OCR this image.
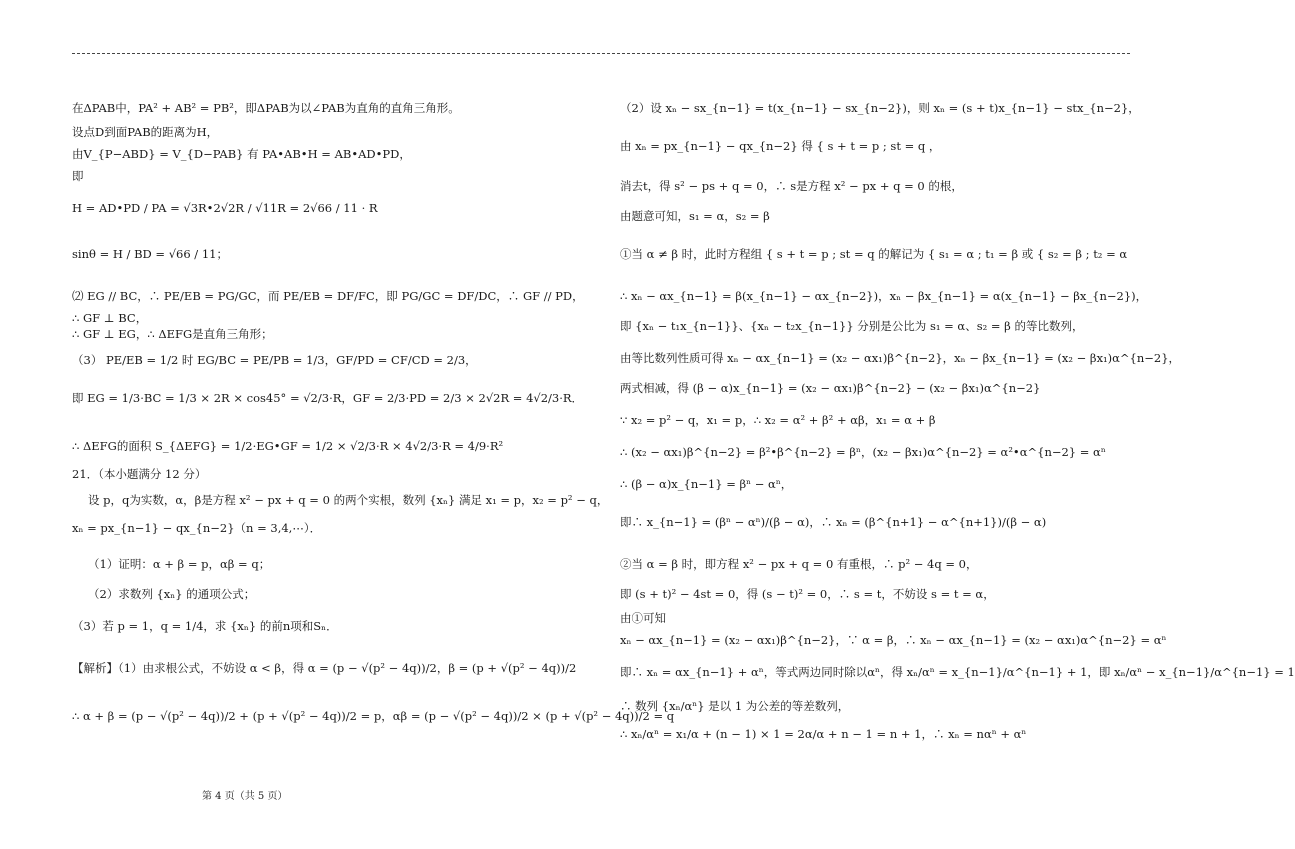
在ΔPAB中，PA² + AB² = PB²，即ΔPAB为以∠PAB为直角的直角三角形。
设点D到面PAB的距离为H，
由V_{P−ABD} = V_{D−PAB} 有 PA•AB•H = AB•AD•PD，
即
H = AD•PD / PA = √3R•2√2R / √11R = 2√66 / 11 · R
sinθ = H / BD = √66 / 11；
⑵ EG // BC，∴ PE/EB = PG/GC，而 PE/EB = DF/FC，即 PG/GC = DF/DC，∴ GF // PD，
∴ GF ⊥ BC，
∴ GF ⊥ EG，∴ ΔEFG是直角三角形；
（3） PE/EB = 1/2 时 EG/BC = PE/PB = 1/3，GF/PD = CF/CD = 2/3，
即 EG = 1/3·BC = 1/3 × 2R × cos45° = √2/3·R，GF = 2/3·PD = 2/3 × 2√2R = 4√2/3·R．
∴ ΔEFG的面积 S_{ΔEFG} = 1/2·EG•GF = 1/2 × √2/3·R × 4√2/3·R = 4/9·R²
21．（本小题满分 12 分）
设 p，q为实数，α，β是方程 x² − px + q = 0 的两个实根，数列 {xₙ} 满足 x₁ = p，x₂ = p² − q，
xₙ = px_{n−1} − qx_{n−2}（n = 3,4,⋯）．
（1）证明：α + β = p，αβ = q；
（2）求数列 {xₙ} 的通项公式；
（3）若 p = 1，q = 1/4，求 {xₙ} 的前n项和Sₙ．
【解析】（1）由求根公式，不妨设 α < β，得 α = (p − √(p² − 4q))/2，β = (p + √(p² − 4q))/2
∴ α + β = (p − √(p² − 4q))/2 + (p + √(p² − 4q))/2 = p，αβ = (p − √(p² − 4q))/2 × (p + √(p² − 4q))/2 = q
第 4 页（共 5 页）
（2）设 xₙ − sx_{n−1} = t(x_{n−1} − sx_{n−2})，则 xₙ = (s + t)x_{n−1} − stx_{n−2}，
由 xₙ = px_{n−1} − qx_{n−2} 得 { s + t = p ; st = q ，
消去t，得 s² − ps + q = 0，∴ s是方程 x² − px + q = 0 的根，
由题意可知，s₁ = α，s₂ = β
①当 α ≠ β 时，此时方程组 { s + t = p ; st = q 的解记为 { s₁ = α ; t₁ = β 或 { s₂ = β ; t₂ = α
∴ xₙ − αx_{n−1} = β(x_{n−1} − αx_{n−2})，xₙ − βx_{n−1} = α(x_{n−1} − βx_{n−2})，
即 {xₙ − t₁x_{n−1}}、{xₙ − t₂x_{n−1}} 分别是公比为 s₁ = α、s₂ = β 的等比数列，
由等比数列性质可得 xₙ − αx_{n−1} = (x₂ − αx₁)β^{n−2}，xₙ − βx_{n−1} = (x₂ − βx₁)α^{n−2}，
两式相减，得 (β − α)x_{n−1} = (x₂ − αx₁)β^{n−2} − (x₂ − βx₁)α^{n−2}
∵ x₂ = p² − q，x₁ = p，∴ x₂ = α² + β² + αβ，x₁ = α + β
∴ (x₂ − αx₁)β^{n−2} = β²•β^{n−2} = βⁿ，(x₂ − βx₁)α^{n−2} = α²•α^{n−2} = αⁿ
∴ (β − α)x_{n−1} = βⁿ − αⁿ，
即∴ x_{n−1} = (βⁿ − αⁿ)/(β − α)，∴ xₙ = (β^{n+1} − α^{n+1})/(β − α)
②当 α = β 时，即方程 x² − px + q = 0 有重根，∴ p² − 4q = 0，
即 (s + t)² − 4st = 0，得 (s − t)² = 0，∴ s = t，不妨设 s = t = α，
由①可知
xₙ − αx_{n−1} = (x₂ − αx₁)β^{n−2}，∵ α = β，∴ xₙ − αx_{n−1} = (x₂ − αx₁)α^{n−2} = αⁿ
即∴ xₙ = αx_{n−1} + αⁿ，等式两边同时除以αⁿ，得 xₙ/αⁿ = x_{n−1}/α^{n−1} + 1，即 xₙ/αⁿ − x_{n−1}/α^{n−1} = 1
∴ 数列 {xₙ/αⁿ} 是以 1 为公差的等差数列，
∴ xₙ/αⁿ = x₁/α + (n − 1) × 1 = 2α/α + n − 1 = n + 1，∴ xₙ = nαⁿ + αⁿ
